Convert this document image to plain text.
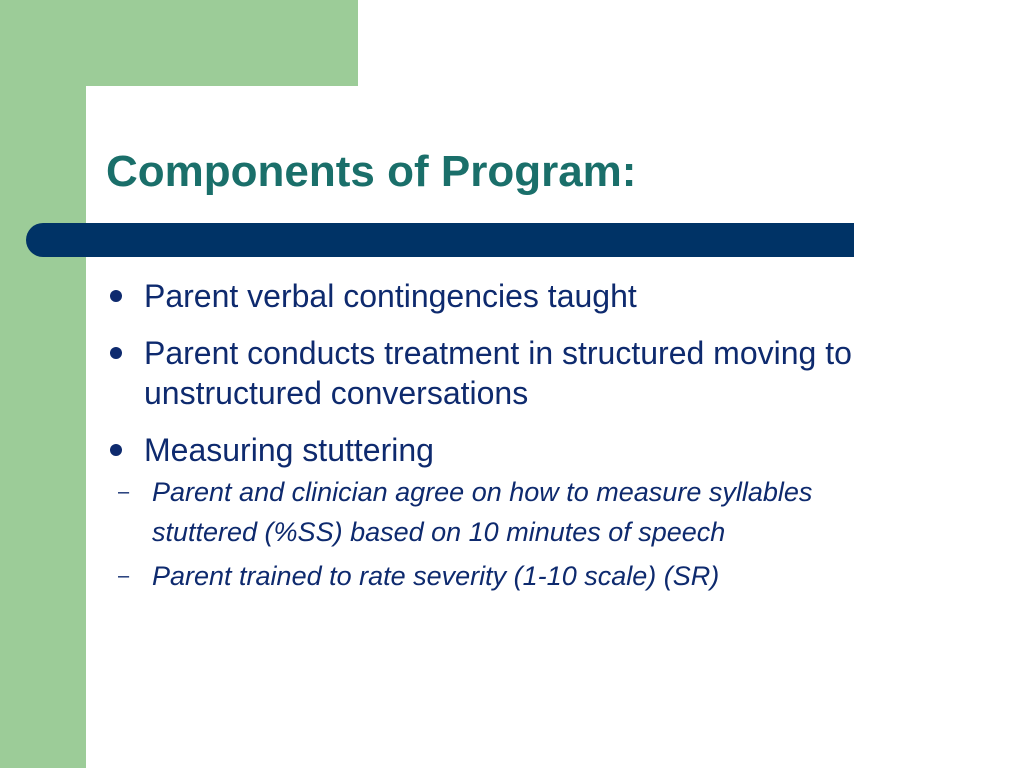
Components of Program:
Parent verbal contingencies taught
Parent conducts treatment in structured moving to unstructured conversations
Measuring stuttering
– Parent and clinician agree on how to measure syllables stuttered (%SS) based on 10 minutes of speech
– Parent trained to rate severity (1-10 scale) (SR)
